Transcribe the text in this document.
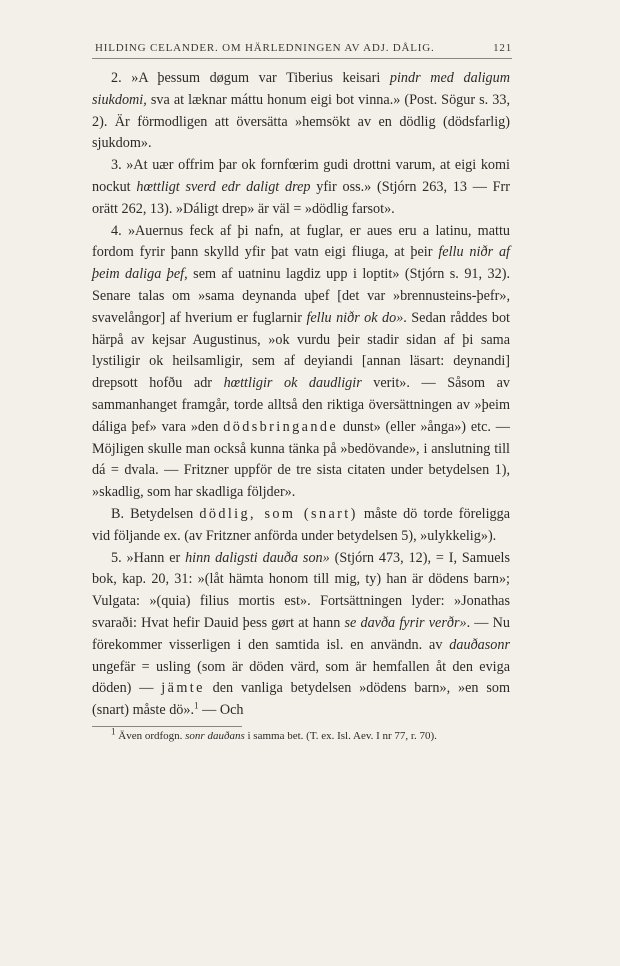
HILDING CELANDER. OM HÄRLEDNINGEN AV ADJ. DÅLIG.	121

2. »A þessum døgum var Tiberius keisari pindr med daligum siukdomi, sva at læknar máttu honum eigi bot vinna.» (Post. Sögur s. 33, 2). Är förmodligen att översätta »hemsökt av en dödlig (dödsfarlig) sjukdom».

3. »At uær offrim þar ok fornfœrim gudi drottni varum, at eigi komi nockut hœttligt sverd edr daligt drep yfir oss.» (Stjórn 263, 13 — Frr orätt 262, 13). »Dáligt drep» är väl = »dödlig farsot».

4. »Auernus feck af þi nafn, at fuglar, er aues eru a latinu, mattu fordom fyrir þann skylld yfir þat vatn eigi fliuga, at þeir fellu niðr af þeim daliga þef, sem af uatninu lagdiz upp i loptit» (Stjórn s. 91, 32). Senare talas om »sama deynanda uþef [det var »brennusteins-þefr», svavelångor] af hverium er fuglarnir fellu niðr ok do». Sedan råddes bot härpå av kejsar Augustinus, »ok vurdu þeir stadir sidan af þi sama lystiligir ok heilsamligir, sem af deyiandi [annan läsart: deynandi] drepsott hofðu adr hœttligir ok daudligir verit». — Såsom av sammanhanget framgår, torde alltså den riktiga översättningen av »þeim dáliga þef» vara »den dödsbringande dunst» (eller »ånga») etc. — Möjligen skulle man också kunna tänka på »bedövande», i anslutning till dá = dvala. — Fritzner uppför de tre sista citaten under betydelsen 1), »skadlig, som har skadliga följder».

B. Betydelsen dödlig, som (snart) måste dö torde föreligga vid följande ex. (av Fritzner anförda under betydelsen 5), »ulykkelig»).

5. »Hann er hinn daligsti dauða son» (Stjórn 473, 12), = I, Samuels bok, kap. 20, 31: »(låt hämta honom till mig, ty) han är dödens barn»; Vulgata: »(quia) filius mortis est». Fortsättningen lyder: »Jonathas svaraði: Hvat hefir Dauid þess gørt at hann se davða fyrir verðr». — Nu förekommer visserligen i den samtida isl. en användn. av dauðasonr ungefär = usling (som är döden värd, som är hemfallen åt den eviga döden) — jämte den vanliga betydelsen »dödens barn», »en som (snart) måste dö».$^1$ — Och

$^1$ Även ordfogn. sonr dauðans i samma bet. (T. ex. Isl. Aev. I nr 77, r. 70).
